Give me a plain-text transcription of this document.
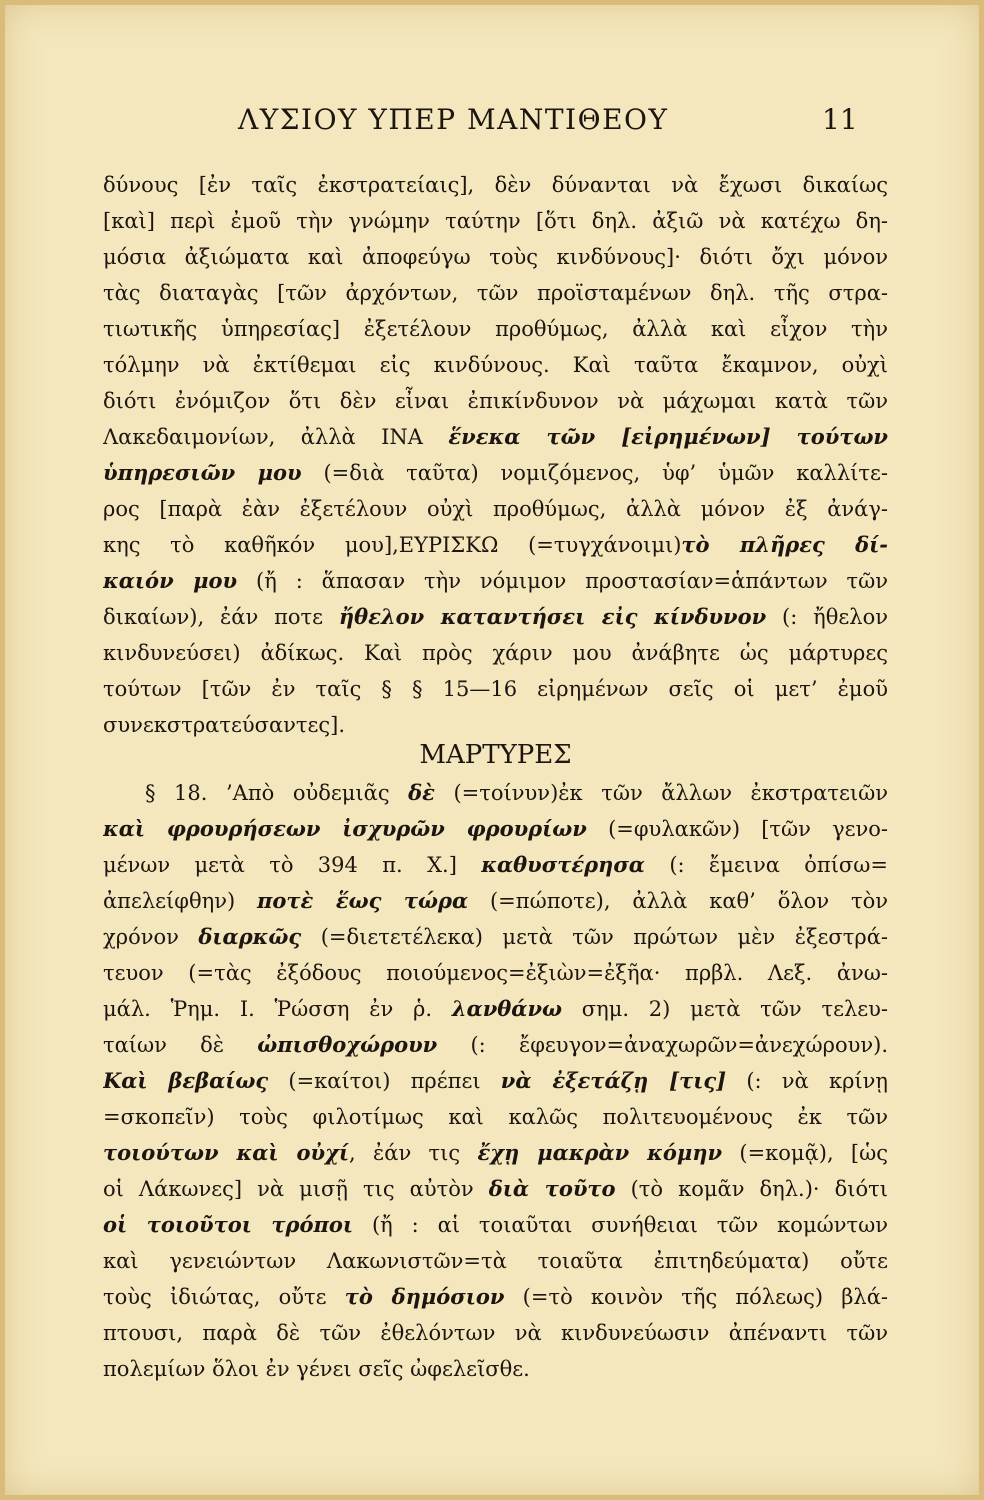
ΛΥΣΙΟΥ ΥΠΕΡ ΜΑΝΤΙΘΕΟΥ	11
δύνους [ἐν ταῖς ἐκστρατείαις], δὲν δύνανται νὰ ἔχωσι δικαίως
[καὶ] περὶ ἐμοῦ τὴν γνώμην ταύτην [ὅτι δηλ. ἀξιῶ νὰ κατέχω δη-
μόσια ἀξιώματα καὶ ἀποφεύγω τοὺς κινδύνους]· διότι ὄχι μόνον
τὰς διαταγὰς [τῶν ἀρχόντων, τῶν προϊσταμένων δηλ. τῆς στρα-
τιωτικῆς ὑπηρεσίας] ἐξετέλουν προθύμως, ἀλλὰ καὶ εἶχον τὴν
τόλμην νὰ ἐκτίθεμαι εἰς κινδύνους. Καὶ ταῦτα ἔκαμνον, οὐχὶ
διότι ἐνόμιζον ὅτι δὲν εἶναι ἐπικίνδυνον νὰ μάχωμαι κατὰ τῶν
Λακεδαιμονίων, ἀλλὰ ΙΝΑ ἕνεκα τῶν [εἰρημένων] τούτων
ὑπηρεσιῶν μου (=διὰ ταῦτα) νομιζόμενος, ὑφ’ ὑμῶν καλλίτε-
ρος [παρὰ ἐὰν ἐξετέλουν οὐχὶ προθύμως, ἀλλὰ μόνον ἐξ ἀνάγ-
κης τὸ καθῆκόν μου],ΕΥΡΙΣΚΩ (=τυγχάνοιμι)τὸ πλῆρες δί-
καιόν μου (ἤ : ἅπασαν τὴν νόμιμον προστασίαν=ἁπάντων τῶν
δικαίων), ἐάν ποτε ἤθελον καταντήσει εἰς κίνδυνον (: ἤθελον
κινδυνεύσει) ἀδίκως. Καὶ πρὸς χάριν μου ἀνάβητε ὡς μάρτυρες
τούτων [τῶν ἐν ταῖς § § 15—16 εἰρημένων σεῖς οἱ μετ’ ἐμοῦ
συνεκστρατεύσαντες].
ΜΑΡΤΥΡΕΣ
§ 18. ’Απὸ οὐδεμιᾶς δὲ (=τοίνυν)ἐκ τῶν ἄλλων ἐκστρατειῶν
καὶ φρουρήσεων ἰσχυρῶν φρουρίων (=φυλακῶν) [τῶν γενο-
μένων μετὰ τὸ 394 π. Χ.] καθυστέρησα (: ἔμεινα ὀπίσω=
ἀπελείφθην) ποτὲ ἕως τώρα (=πώποτε), ἀλλὰ καθ’ ὅλον τὸν
χρόνον διαρκῶς (=διετετέλεκα) μετὰ τῶν πρώτων μὲν ἐξεστρά-
τευον (=τὰς ἐξόδους ποιούμενος=ἐξιὼν=ἐξῆα· πρβλ. Λεξ. ἀνω-
μάλ. Ῥημ. Ι. Ῥώσση ἐν ῥ. λανθάνω σημ. 2) μετὰ τῶν τελευ-
ταίων δὲ ὠπισθοχώρουν (: ἔφευγον=ἀναχωρῶν=ἀνεχώρουν).
Καὶ βεβαίως (=καίτοι) πρέπει νὰ ἐξετάζῃ [τις] (: νὰ κρίνῃ
=σκοπεῖν) τοὺς φιλοτίμως καὶ καλῶς πολιτευομένους ἐκ τῶν
τοιούτων καὶ οὐχί, ἐάν τις ἔχῃ μακρὰν κόμην (=κομᾷ), [ὡς
οἱ Λάκωνες] νὰ μισῇ τις αὐτὸν διὰ τοῦτο (τὸ κομᾶν δηλ.)· διότι
οἱ τοιοῦτοι τρόποι (ἤ : αἱ τοιαῦται συνήθειαι τῶν κομώντων
καὶ γενειώντων Λακωνιστῶν=τὰ τοιαῦτα ἐπιτηδεύματα) οὔτε
τοὺς ἰδιώτας, οὔτε τὸ δημόσιον (=τὸ κοινὸν τῆς πόλεως) βλά-
πτουσι, παρὰ δὲ τῶν ἐθελόντων νὰ κινδυνεύωσιν ἀπέναντι τῶν
πολεμίων ὅλοι ἐν γένει σεῖς ὠφελεῖσθε.
